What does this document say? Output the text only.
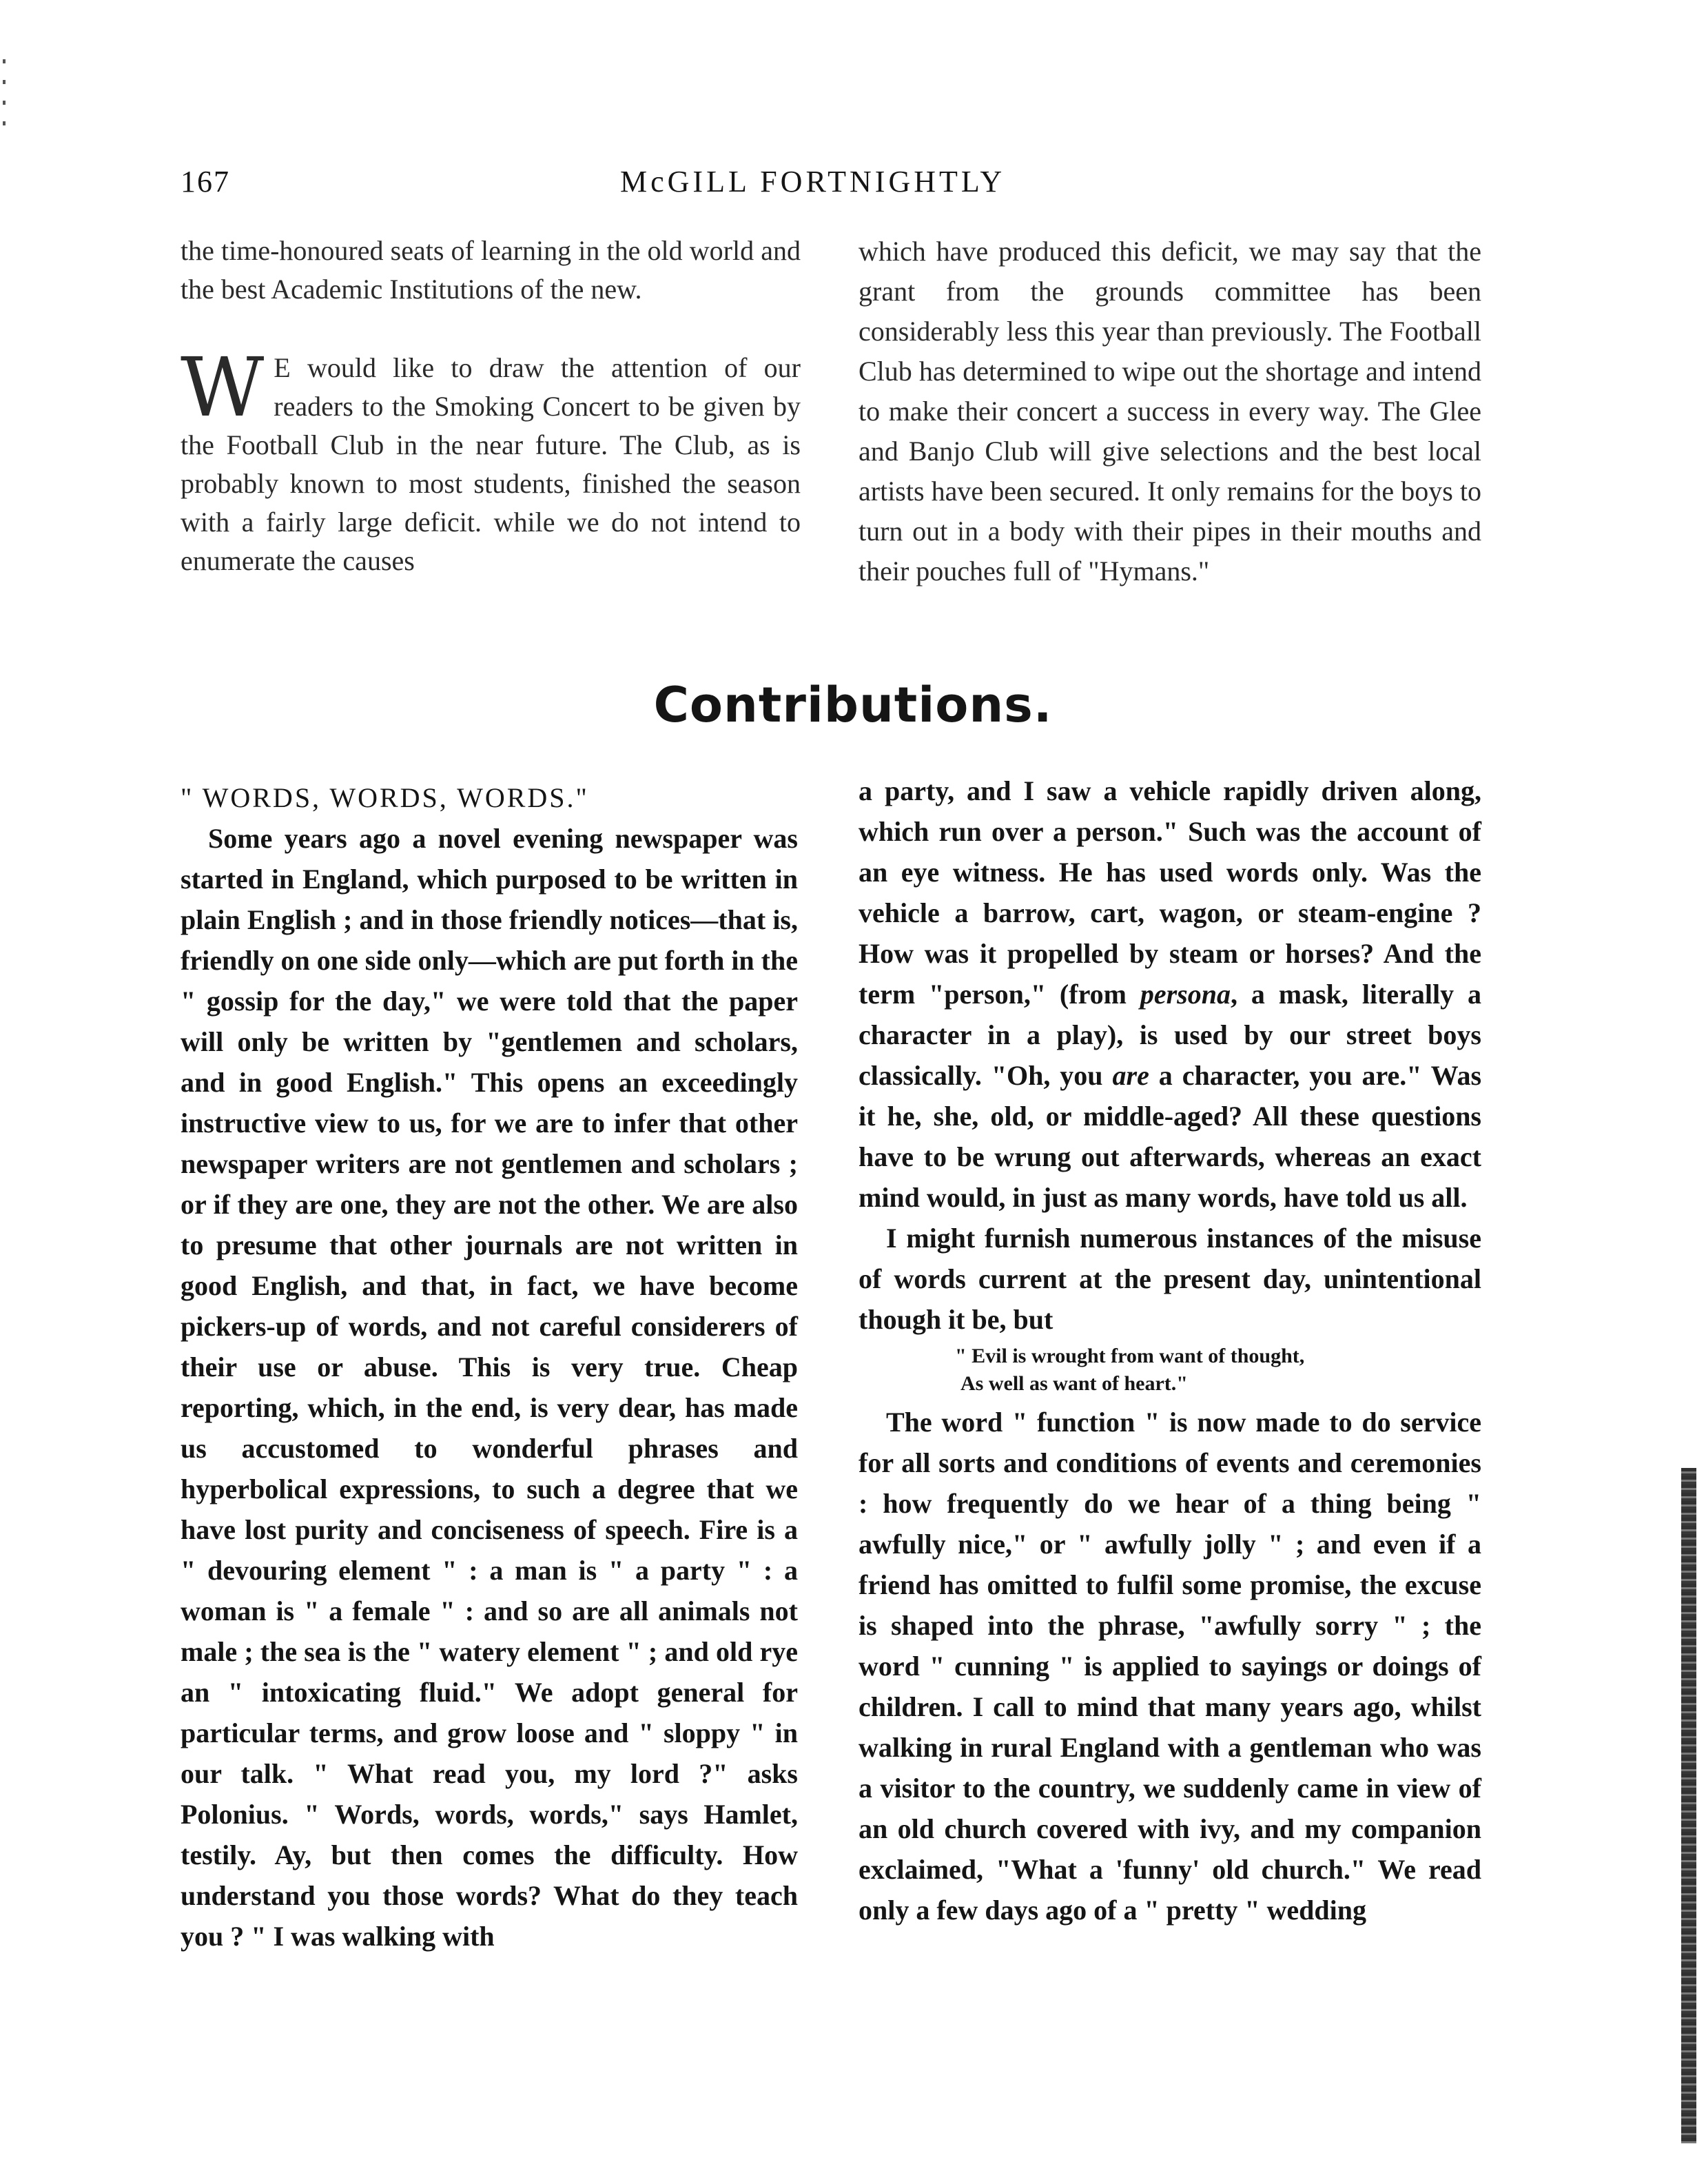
167	McGILL FORTNIGHTLY

the time-honoured seats of learning in the old world and the best Academic Institutions of the new.

W E would like to draw the attention of our readers to the Smoking Concert to be given by the Football Club in the near future. The Club, as is probably known to most students, finished the season with a fairly large deficit. while we do not intend to enumerate the causes

which have produced this deficit, we may say that the grant from the grounds committee has been considerably less this year than previously. The Football Club has determined to wipe out the shortage and intend to make their concert a success in every way. The Glee and Banjo Club will give selections and the best local artists have been secured. It only remains for the boys to turn out in a body with their pipes in their mouths and their pouches full of "Hymans."

Contributions.

" WORDS, WORDS, WORDS."

Some years ago a novel evening newspaper was started in England, which purposed to be written in plain English ; and in those friendly notices—that is, friendly on one side only—which are put forth in the " gossip for the day," we were told that the paper will only be written by "gentlemen and scholars, and in good English." This opens an exceedingly instructive view to us, for we are to infer that other newspaper writers are not gentlemen and scholars ; or if they are one, they are not the other. We are also to presume that other journals are not written in good English, and that, in fact, we have become pickers-up of words, and not careful considerers of their use or abuse. This is very true. Cheap reporting, which, in the end, is very dear, has made us accustomed to wonderful phrases and hyperbolical expressions, to such a degree that we have lost purity and conciseness of speech. Fire is a " devouring element " : a man is " a party " : a woman is " a female " : and so are all animals not male ; the sea is the " watery element " ; and old rye an " intoxicating fluid." We adopt general for particular terms, and grow loose and " sloppy " in our talk. " What read you, my lord ?" asks Polonius. " Words, words, words," says Hamlet, testily. Ay, but then comes the difficulty. How understand you those words? What do they teach you ? " I was walking with

a party, and I saw a vehicle rapidly driven along, which run over a person." Such was the account of an eye witness. He has used words only. Was the vehicle a barrow, cart, wagon, or steam-engine ? How was it propelled by steam or horses? And the term "person," (from persona, a mask, literally a character in a play), is used by our street boys classically. "Oh, you are a character, you are." Was it he, she, old, or middle-aged? All these questions have to be wrung out afterwards, whereas an exact mind would, in just as many words, have told us all.

I might furnish numerous instances of the misuse of words current at the present day, unintentional though it be, but

" Evil is wrought from want of thought,
As well as want of heart."

The word " function " is now made to do service for all sorts and conditions of events and ceremonies : how frequently do we hear of a thing being " awfully nice," or " awfully jolly " ; and even if a friend has omitted to fulfil some promise, the excuse is shaped into the phrase, "awfully sorry " ; the word " cunning " is applied to sayings or doings of children. I call to mind that many years ago, whilst walking in rural England with a gentleman who was a visitor to the country, we suddenly came in view of an old church covered with ivy, and my companion exclaimed, "What a 'funny' old church." We read only a few days ago of a " pretty " wedding
